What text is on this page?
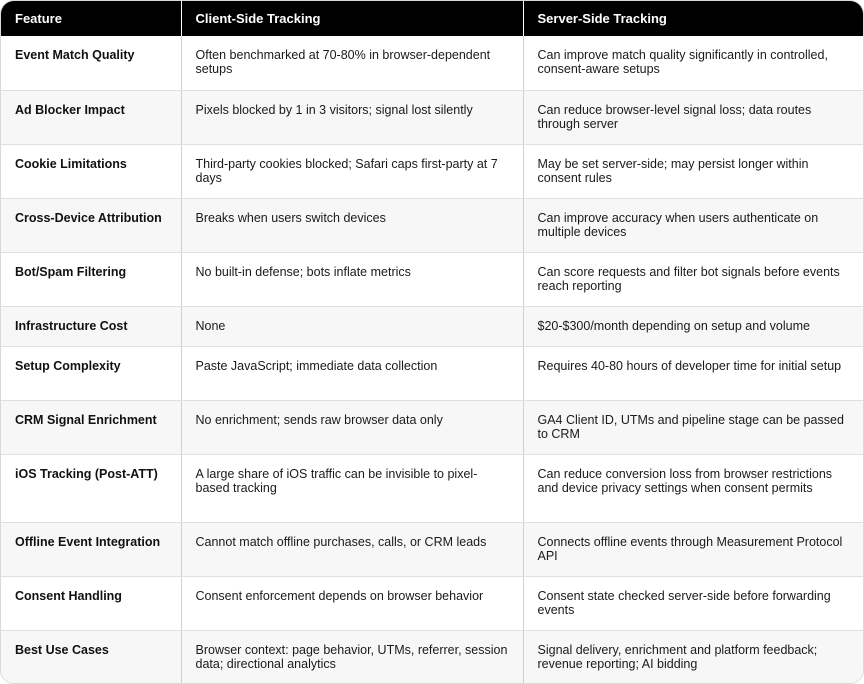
Feature	Client-Side Tracking	Server-Side Tracking
Event Match Quality	Often benchmarked at 70-80% in browser-dependent setups	Can improve match quality significantly in controlled, consent-aware setups
Ad Blocker Impact	Pixels blocked by 1 in 3 visitors; signal lost silently	Can reduce browser-level signal loss; data routes through server
Cookie Limitations	Third-party cookies blocked; Safari caps first-party at 7 days	May be set server-side; may persist longer within consent rules
Cross-Device Attribution	Breaks when users switch devices	Can improve accuracy when users authenticate on multiple devices
Bot/Spam Filtering	No built-in defense; bots inflate metrics	Can score requests and filter bot signals before events reach reporting
Infrastructure Cost	None	$20-$300/month depending on setup and volume
Setup Complexity	Paste JavaScript; immediate data collection	Requires 40-80 hours of developer time for initial setup
CRM Signal Enrichment	No enrichment; sends raw browser data only	GA4 Client ID, UTMs and pipeline stage can be passed to CRM
iOS Tracking (Post-ATT)	A large share of iOS traffic can be invisible to pixel-based tracking	Can reduce conversion loss from browser restrictions and device privacy settings when consent permits
Offline Event Integration	Cannot match offline purchases, calls, or CRM leads	Connects offline events through Measurement Protocol API
Consent Handling	Consent enforcement depends on browser behavior	Consent state checked server-side before forwarding events
Best Use Cases	Browser context: page behavior, UTMs, referrer, session data; directional analytics	Signal delivery, enrichment and platform feedback; revenue reporting; AI bidding
